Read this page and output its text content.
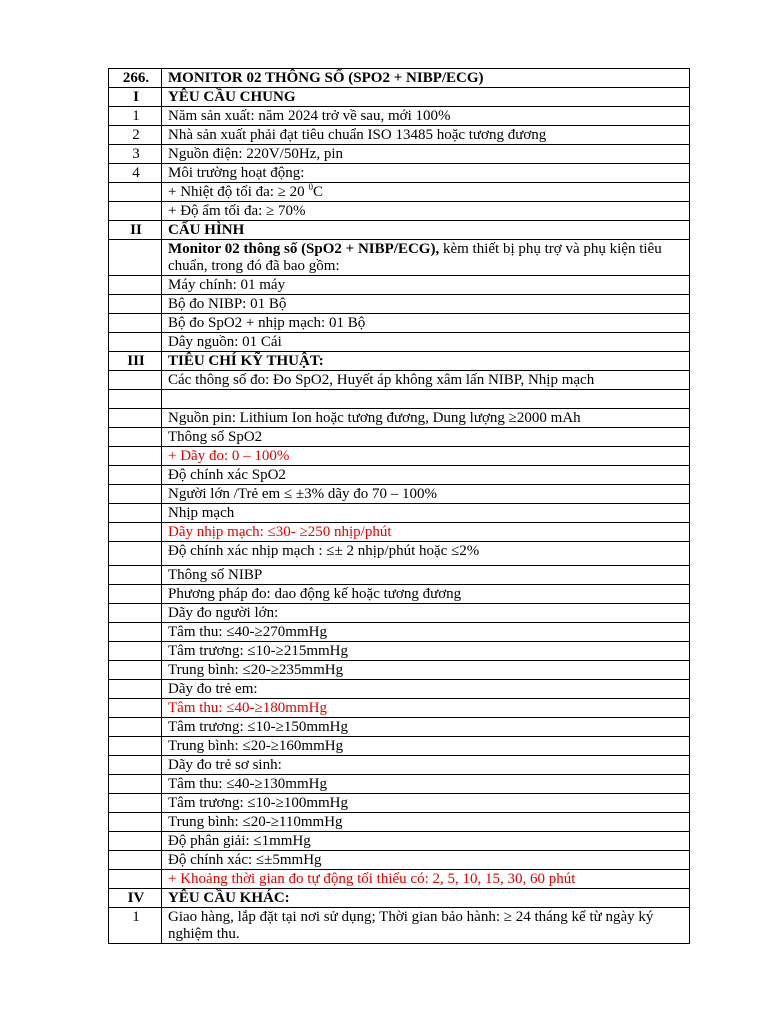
266.	MONITOR 02 THÔNG SỐ (SPO2 + NIBP/ECG)
I	YÊU CẦU CHUNG
1	Năm sản xuất: năm 2024 trở về sau, mới 100%
2	Nhà sản xuất phải đạt tiêu chuẩn ISO 13485 hoặc tương đương
3	Nguồn điện: 220V/50Hz, pin
4	Môi trường hoạt động:
	+ Nhiệt độ tối đa: ≥ 20 $^0$C
	+ Độ ẩm tối đa: ≥ 70%
II	CẤU HÌNH
	Monitor 02 thông số (SpO2 + NIBP/ECG), kèm thiết bị phụ trợ và phụ kiện tiêu chuẩn, trong đó đã bao gồm:
	Máy chính: 01 máy
	Bộ đo NIBP: 01 Bộ
	Bộ đo SpO2 + nhịp mạch: 01 Bộ
	Dây nguồn: 01 Cái
III	TIÊU CHÍ KỸ THUẬT:
	Các thông số đo: Đo SpO2, Huyết áp không xâm lấn NIBP, Nhịp mạch

	Nguồn pin: Lithium Ion hoặc tương đương, Dung lượng ≥2000 mAh
	Thông số SpO2
	+ Dãy đo: 0 – 100%
	Độ chính xác SpO2
	Người lớn /Trẻ em ≤ ±3% dãy đo 70 – 100%
	Nhịp mạch
	Dãy nhịp mạch: ≤30- ≥250 nhịp/phút
	Độ chính xác nhịp mạch : ≤± 2 nhịp/phút hoặc ≤2%
	Thông số NIBP
	Phương pháp đo: dao động kế hoặc tương đương
	Dãy đo người lớn:
	Tâm thu: ≤40-≥270mmHg
	Tâm trương: ≤10-≥215mmHg
	Trung bình: ≤20-≥235mmHg
	Dãy đo trẻ em:
	Tâm thu: ≤40-≥180mmHg
	Tâm trương: ≤10-≥150mmHg
	Trung bình: ≤20-≥160mmHg
	Dãy đo trẻ sơ sinh:
	Tâm thu: ≤40-≥130mmHg
	Tâm trương: ≤10-≥100mmHg
	Trung bình: ≤20-≥110mmHg
	Độ phân giải: ≤1mmHg
	Độ chính xác: ≤±5mmHg
	+ Khoảng thời gian đo tự động tối thiểu có: 2, 5, 10, 15, 30, 60 phút
IV	YÊU CẦU KHÁC:
1	Giao hàng, lắp đặt tại nơi sử dụng; Thời gian bảo hành: ≥ 24 tháng kể từ ngày ký nghiệm thu.
